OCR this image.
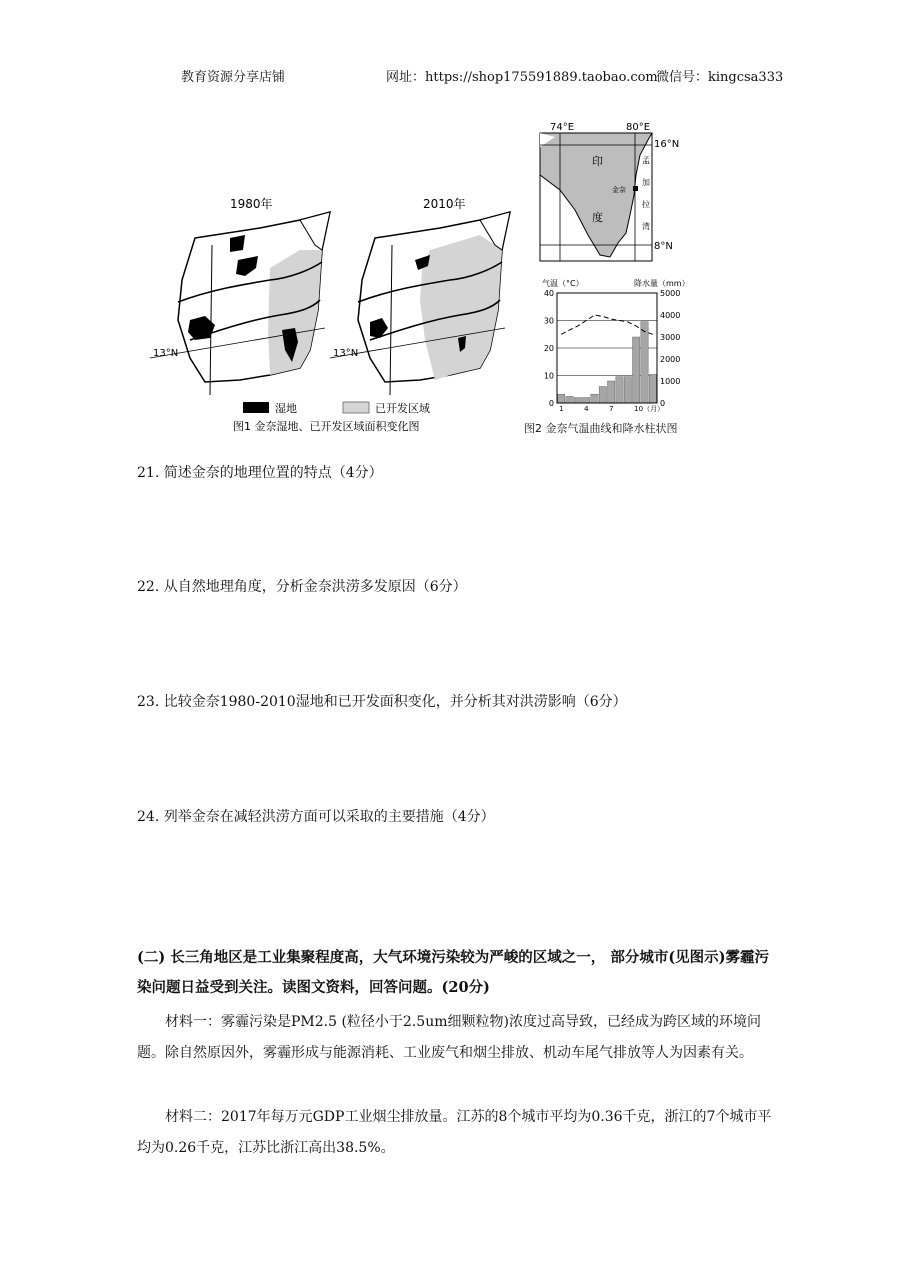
教育资源分享店铺	网址：https://shop175591889.taobao.com
微信号：kingcsa333
1980年	2010年
13°N	13°N
湿地	已开发区域
图1 金奈湿地、已开发区域面积变化图
74°E	80°E
16°N
8°N
印
度
金奈
孟
加
拉
湾
气温（°C）	降水量（mm）
0
10
20
30
40
0
1000
2000
3000
4000
5000
1	4	7	10（月）
图2 金奈气温曲线和降水柱状图
21. 简述金奈的地理位置的特点（4分）
22. 从自然地理角度，分析金奈洪涝多发原因（6分）
23. 比较金奈1980-2010湿地和已开发面积变化，并分析其对洪涝影响（6分）
24. 列举金奈在减轻洪涝方面可以采取的主要措施（4分）
(二) 长三角地区是工业集聚程度高，大气环境污染较为严峻的区域之一， 部分城市(见图示)雾霾污染问题日益受到关注。读图文资料，回答问题。(20分)
材料一：雾霾污染是PM2.5 (粒径小于2.5um细颗粒物)浓度过高导致，已经成为跨区域的环境问题。除自然原因外，雾霾形成与能源消耗、工业废气和烟尘排放、机动车尾气排放等人为因素有关。
材料二：2017年每万元GDP工业烟尘排放量。江苏的8个城市平均为0.36千克，浙江的7个城市平均为0.26千克，江苏比浙江高出38.5%。
